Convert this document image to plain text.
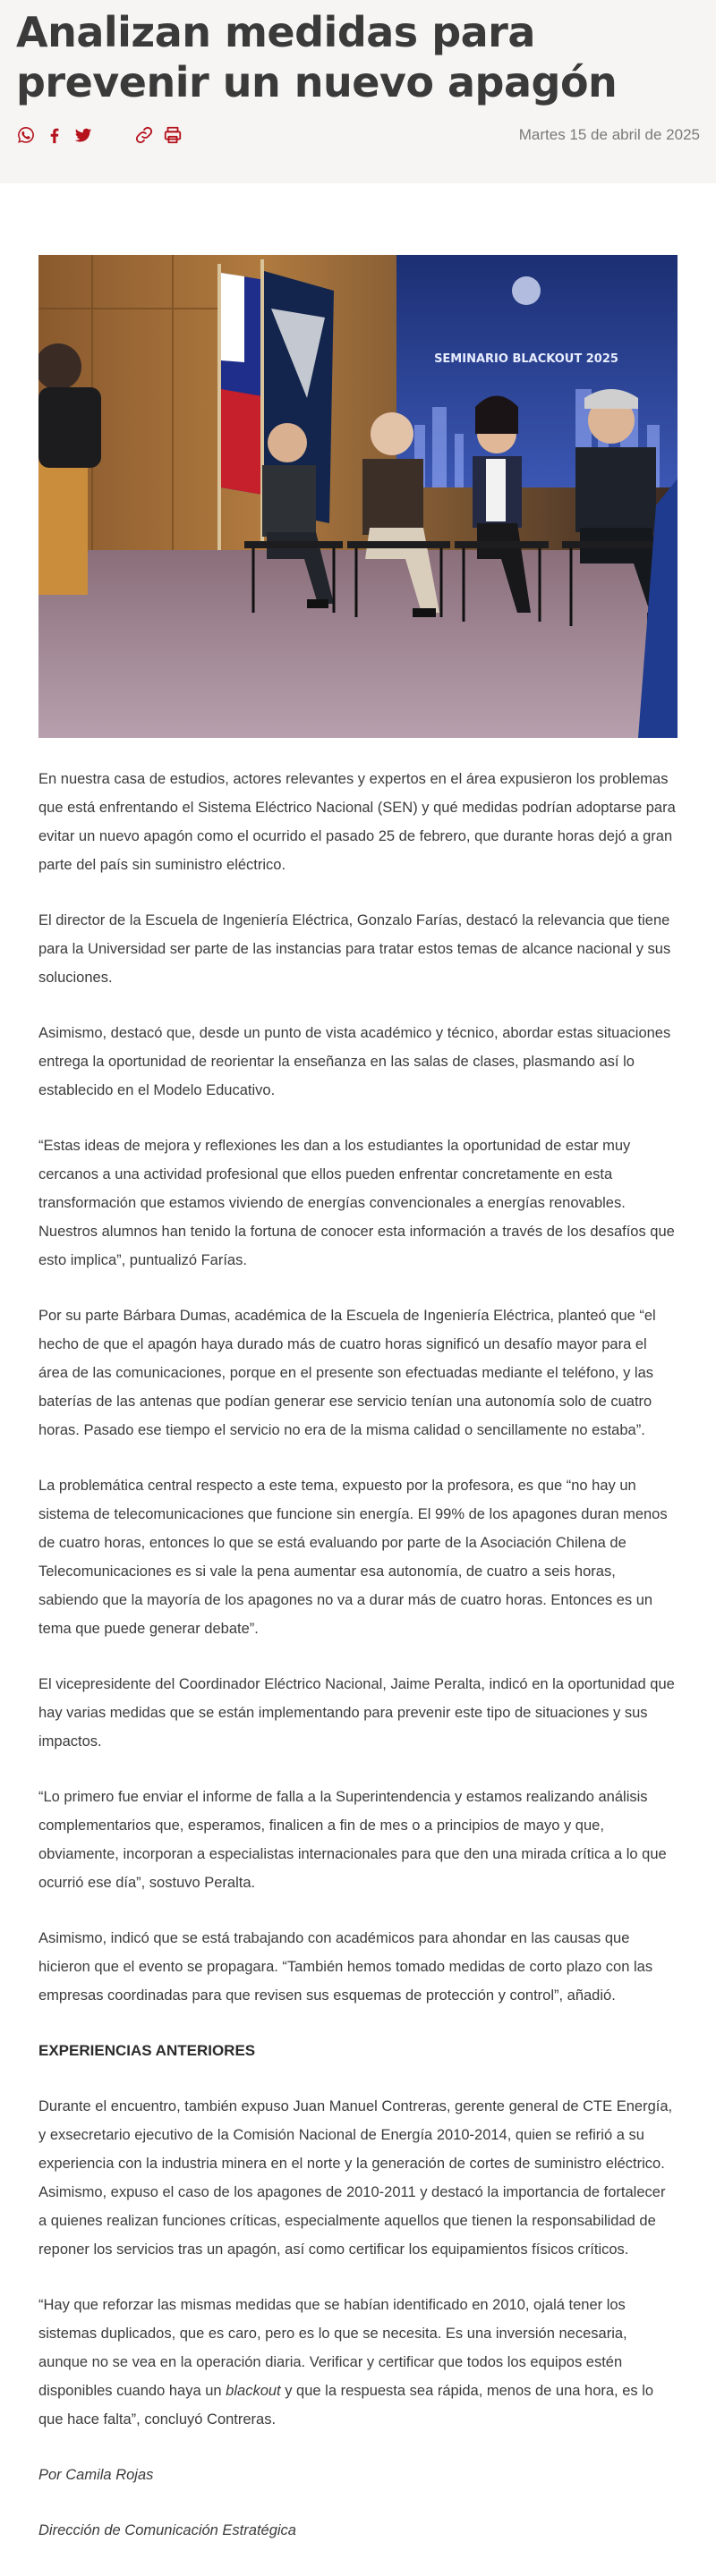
Analizan medidas para prevenir un nuevo apagón
Martes 15 de abril de 2025
SEMINARIO BLACKOUT 2025

En nuestra casa de estudios, actores relevantes y expertos en el área expusieron los problemas que está enfrentando el Sistema Eléctrico Nacional (SEN) y qué medidas podrían adoptarse para evitar un nuevo apagón como el ocurrido el pasado 25 de febrero, que durante horas dejó a gran parte del país sin suministro eléctrico.

El director de la Escuela de Ingeniería Eléctrica, Gonzalo Farías, destacó la relevancia que tiene para la Universidad ser parte de las instancias para tratar estos temas de alcance nacional y sus soluciones.

Asimismo, destacó que, desde un punto de vista académico y técnico, abordar estas situaciones entrega la oportunidad de reorientar la enseñanza en las salas de clases, plasmando así lo establecido en el Modelo Educativo.

“Estas ideas de mejora y reflexiones les dan a los estudiantes la oportunidad de estar muy cercanos a una actividad profesional que ellos pueden enfrentar concretamente en esta transformación que estamos viviendo de energías convencionales a energías renovables. Nuestros alumnos han tenido la fortuna de conocer esta información a través de los desafíos que esto implica”, puntualizó Farías.

Por su parte Bárbara Dumas, académica de la Escuela de Ingeniería Eléctrica, planteó que “el hecho de que el apagón haya durado más de cuatro horas significó un desafío mayor para el área de las comunicaciones, porque en el presente son efectuadas mediante el teléfono, y las baterías de las antenas que podían generar ese servicio tenían una autonomía solo de cuatro horas. Pasado ese tiempo el servicio no era de la misma calidad o sencillamente no estaba”.

La problemática central respecto a este tema, expuesto por la profesora, es que “no hay un sistema de telecomunicaciones que funcione sin energía. El 99% de los apagones duran menos de cuatro horas, entonces lo que se está evaluando por parte de la Asociación Chilena de Telecomunicaciones es si vale la pena aumentar esa autonomía, de cuatro a seis horas, sabiendo que la mayoría de los apagones no va a durar más de cuatro horas. Entonces es un tema que puede generar debate”.

El vicepresidente del Coordinador Eléctrico Nacional, Jaime Peralta, indicó en la oportunidad que hay varias medidas que se están implementando para prevenir este tipo de situaciones y sus impactos.

“Lo primero fue enviar el informe de falla a la Superintendencia y estamos realizando análisis complementarios que, esperamos, finalicen a fin de mes o a principios de mayo y que, obviamente, incorporan a especialistas internacionales para que den una mirada crítica a lo que ocurrió ese día”, sostuvo Peralta.

Asimismo, indicó que se está trabajando con académicos para ahondar en las causas que hicieron que el evento se propagara. “También hemos tomado medidas de corto plazo con las empresas coordinadas para que revisen sus esquemas de protección y control”, añadió.

EXPERIENCIAS ANTERIORES

Durante el encuentro, también expuso Juan Manuel Contreras, gerente general de CTE Energía, y exsecretario ejecutivo de la Comisión Nacional de Energía 2010-2014, quien se refirió a su experiencia con la industria minera en el norte y la generación de cortes de suministro eléctrico. Asimismo, expuso el caso de los apagones de 2010-2011 y destacó la importancia de fortalecer a quienes realizan funciones críticas, especialmente aquellos que tienen la responsabilidad de reponer los servicios tras un apagón, así como certificar los equipamientos físicos críticos.

“Hay que reforzar las mismas medidas que se habían identificado en 2010, ojalá tener los sistemas duplicados, que es caro, pero es lo que se necesita. Es una inversión necesaria, aunque no se vea en la operación diaria. Verificar y certificar que todos los equipos estén disponibles cuando haya un blackout y que la respuesta sea rápida, menos de una hora, es lo que hace falta”, concluyó Contreras.

Por Camila Rojas

Dirección de Comunicación Estratégica
